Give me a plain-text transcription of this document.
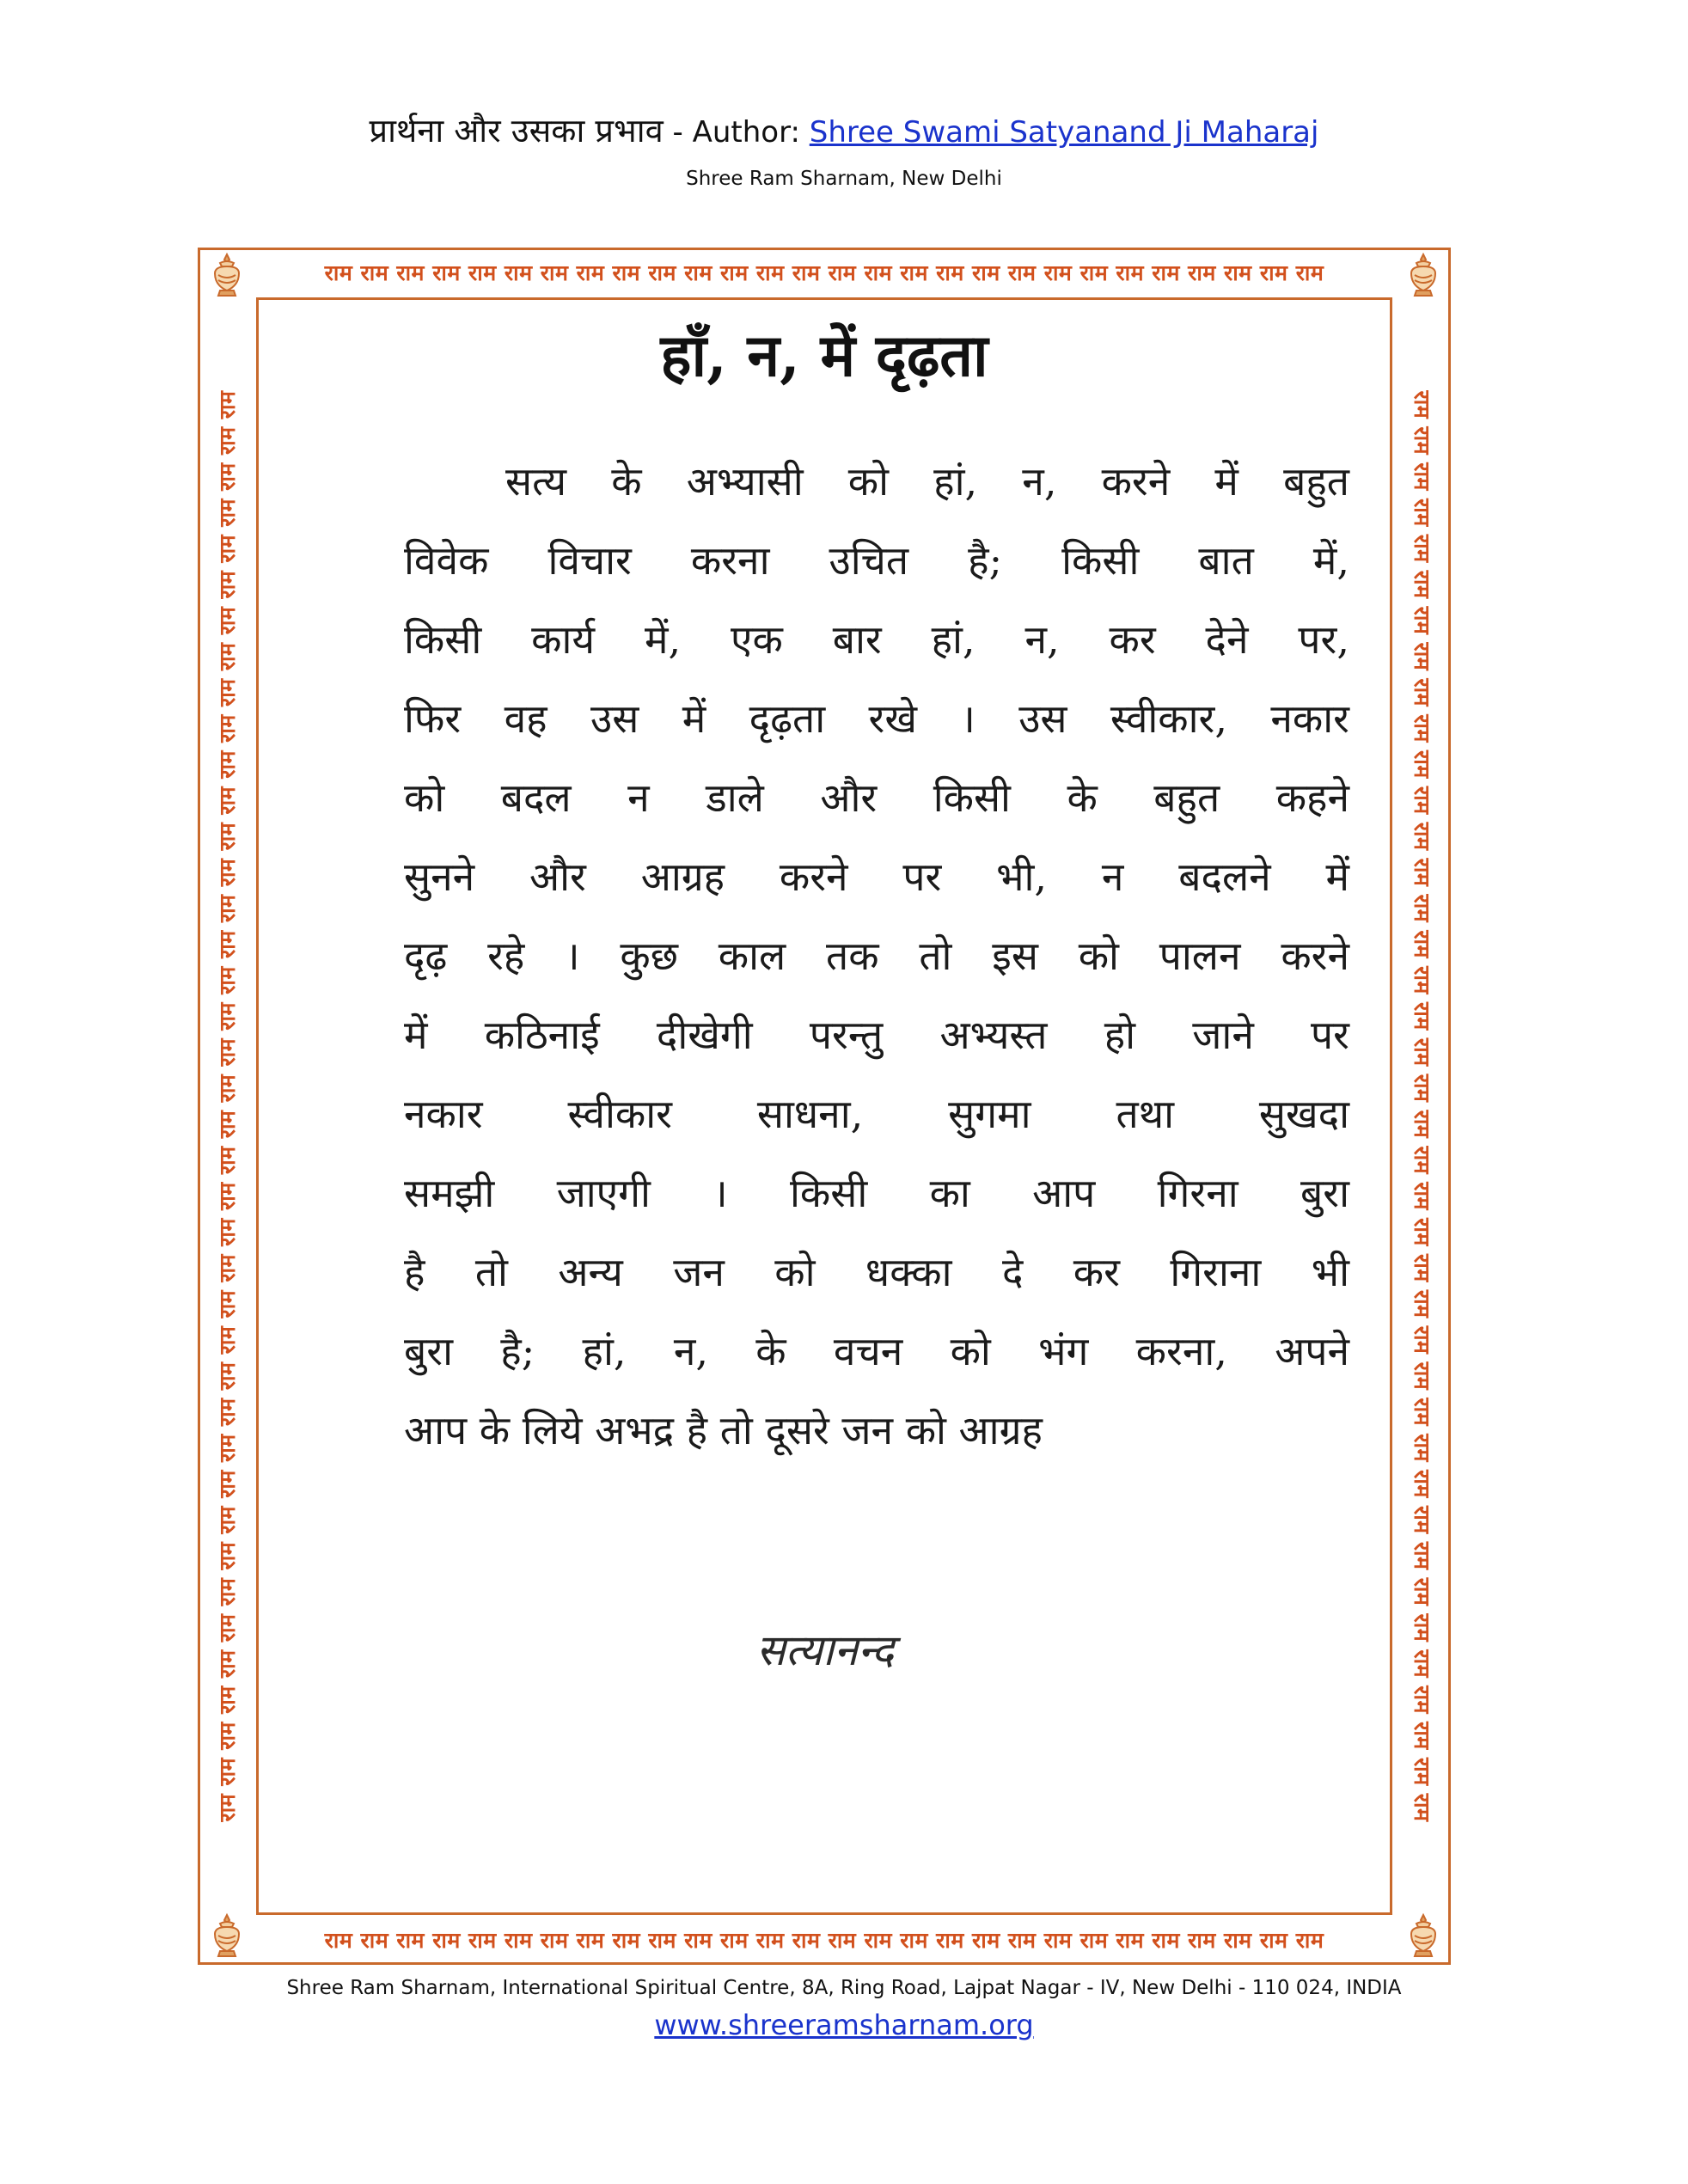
प्रार्थना और उसका प्रभाव - Author: Shree Swami Satyanand Ji Maharaj
Shree Ram Sharnam, New Delhi
राम राम राम राम राम राम राम राम राम राम राम राम राम राम राम राम राम राम राम राम राम राम राम राम राम राम राम राम
राम राम राम राम राम राम राम राम राम राम राम राम राम राम राम राम राम राम राम राम राम राम राम राम राम राम राम राम
राम राम राम राम राम राम राम राम राम राम राम राम राम राम राम राम राम राम राम राम राम राम राम राम राम राम राम राम राम राम राम राम राम राम राम राम राम राम राम राम	राम राम राम राम राम राम राम राम राम राम राम राम राम राम राम राम राम राम राम राम राम राम राम राम राम राम राम राम राम राम राम राम राम राम राम राम राम राम राम राम
हाँ, न, में दृढ़ता
सत्य के अभ्यासी को हां, न, करने में बहुत
विवेक विचार करना उचित है; किसी बात में,
किसी कार्य में, एक बार हां, न, कर देने पर,
फिर वह उस में दृढ़ता रखे । उस स्वीकार, नकार
को बदल न डाले और किसी के बहुत कहने
सुनने और आग्रह करने पर भी, न बदलने में
दृढ़ रहे । कुछ काल तक तो इस को पालन करने
में कठिनाई दीखेगी परन्तु अभ्यस्त हो जाने पर
नकार स्वीकार साधना, सुगमा तथा सुखदा
समझी जाएगी । किसी का आप गिरना बुरा
है तो अन्य जन को धक्का दे कर गिराना भी
बुरा है; हां, न, के वचन को भंग करना, अपने
आप के लिये अभद्र है तो दूसरे जन को आग्रह
सत्यानन्द
Shree Ram Sharnam, International Spiritual Centre, 8A, Ring Road, Lajpat Nagar - IV, New Delhi - 110 024, INDIA
www.shreeramsharnam.org
